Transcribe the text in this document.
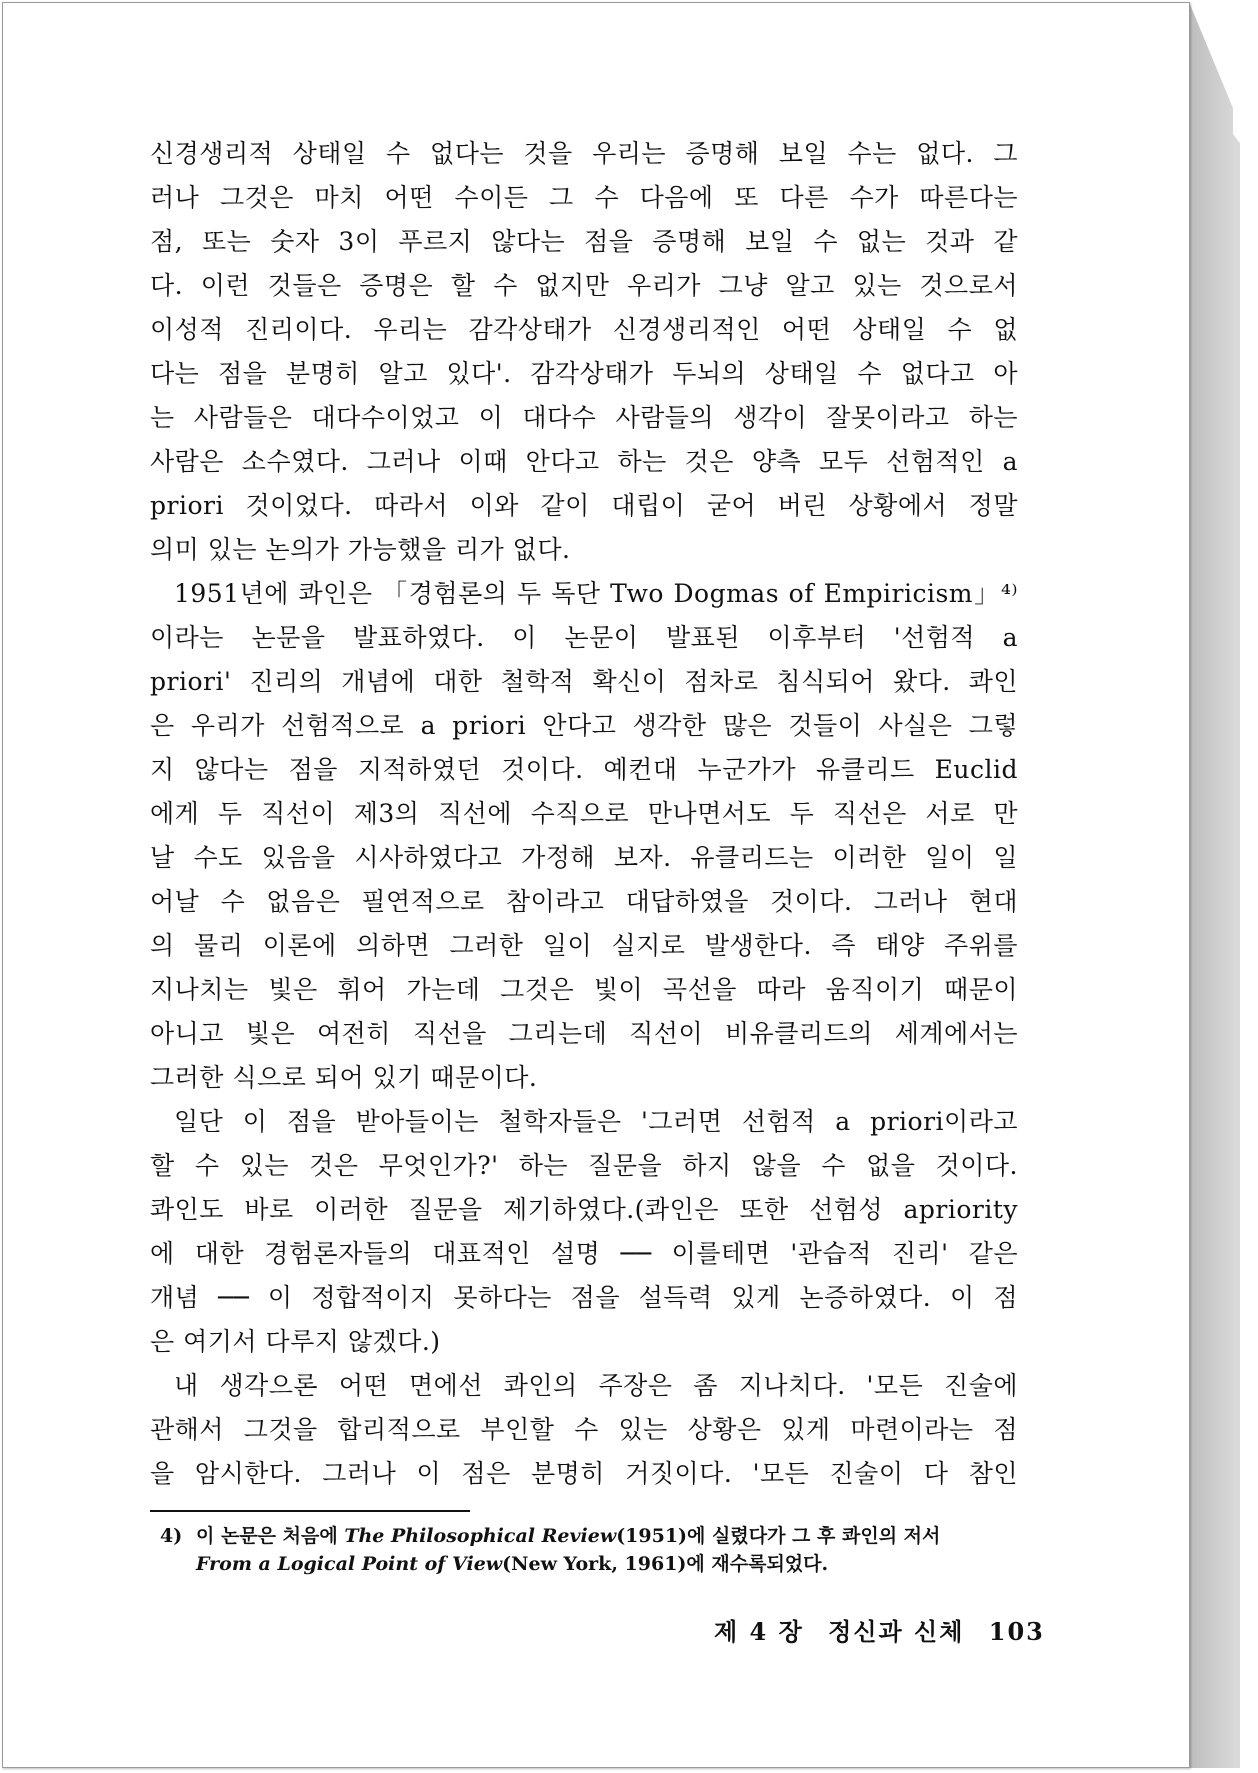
신경생리적 상태일 수 없다는 것을 우리는 증명해 보일 수는 없다. 그
러나 그것은 마치 어떤 수이든 그 수 다음에 또 다른 수가 따른다는
점, 또는 숫자 3이 푸르지 않다는 점을 증명해 보일 수 없는 것과 같
다. 이런 것들은 증명은 할 수 없지만 우리가 그냥 알고 있는 것으로서
이성적 진리이다. 우리는 감각상태가 신경생리적인 어떤 상태일 수 없
다는 점을 분명히 알고 있다'. 감각상태가 두뇌의 상태일 수 없다고 아
는 사람들은 대다수이었고 이 대다수 사람들의 생각이 잘못이라고 하는
사람은 소수였다. 그러나 이때 안다고 하는 것은 양측 모두 선험적인 a
priori 것이었다. 따라서 이와 같이 대립이 굳어 버린 상황에서 정말
의미 있는 논의가 가능했을 리가 없다.
1951년에 콰인은 「경험론의 두 독단 Two Dogmas of Empiricism」⁴⁾
이라는 논문을 발표하였다. 이 논문이 발표된 이후부터 '선험적 a
priori' 진리의 개념에 대한 철학적 확신이 점차로 침식되어 왔다. 콰인
은 우리가 선험적으로 a priori 안다고 생각한 많은 것들이 사실은 그렇
지 않다는 점을 지적하였던 것이다. 예컨대 누군가가 유클리드 Euclid
에게 두 직선이 제3의 직선에 수직으로 만나면서도 두 직선은 서로 만
날 수도 있음을 시사하였다고 가정해 보자. 유클리드는 이러한 일이 일
어날 수 없음은 필연적으로 참이라고 대답하였을 것이다. 그러나 현대
의 물리 이론에 의하면 그러한 일이 실지로 발생한다. 즉 태양 주위를
지나치는 빛은 휘어 가는데 그것은 빛이 곡선을 따라 움직이기 때문이
아니고 빛은 여전히 직선을 그리는데 직선이 비유클리드의 세계에서는
그러한 식으로 되어 있기 때문이다.
일단 이 점을 받아들이는 철학자들은 '그러면 선험적 a priori이라고
할 수 있는 것은 무엇인가?' 하는 질문을 하지 않을 수 없을 것이다.
콰인도 바로 이러한 질문을 제기하였다.(콰인은 또한 선험성 apriority
에 대한 경험론자들의 대표적인 설명 ── 이를테면 '관습적 진리' 같은
개념 ── 이 정합적이지 못하다는 점을 설득력 있게 논증하였다. 이 점
은 여기서 다루지 않겠다.)
내 생각으론 어떤 면에선 콰인의 주장은 좀 지나치다. '모든 진술에
관해서 그것을 합리적으로 부인할 수 있는 상황은 있게 마련이라는 점
을 암시한다. 그러나 이 점은 분명히 거짓이다. '모든 진술이 다 참인
4) 이 논문은 처음에 The Philosophical Review(1951)에 실렸다가 그 후 콰인의 저서
From a Logical Point of View(New York, 1961)에 재수록되었다.
제 4 장 정신과 신체 103
